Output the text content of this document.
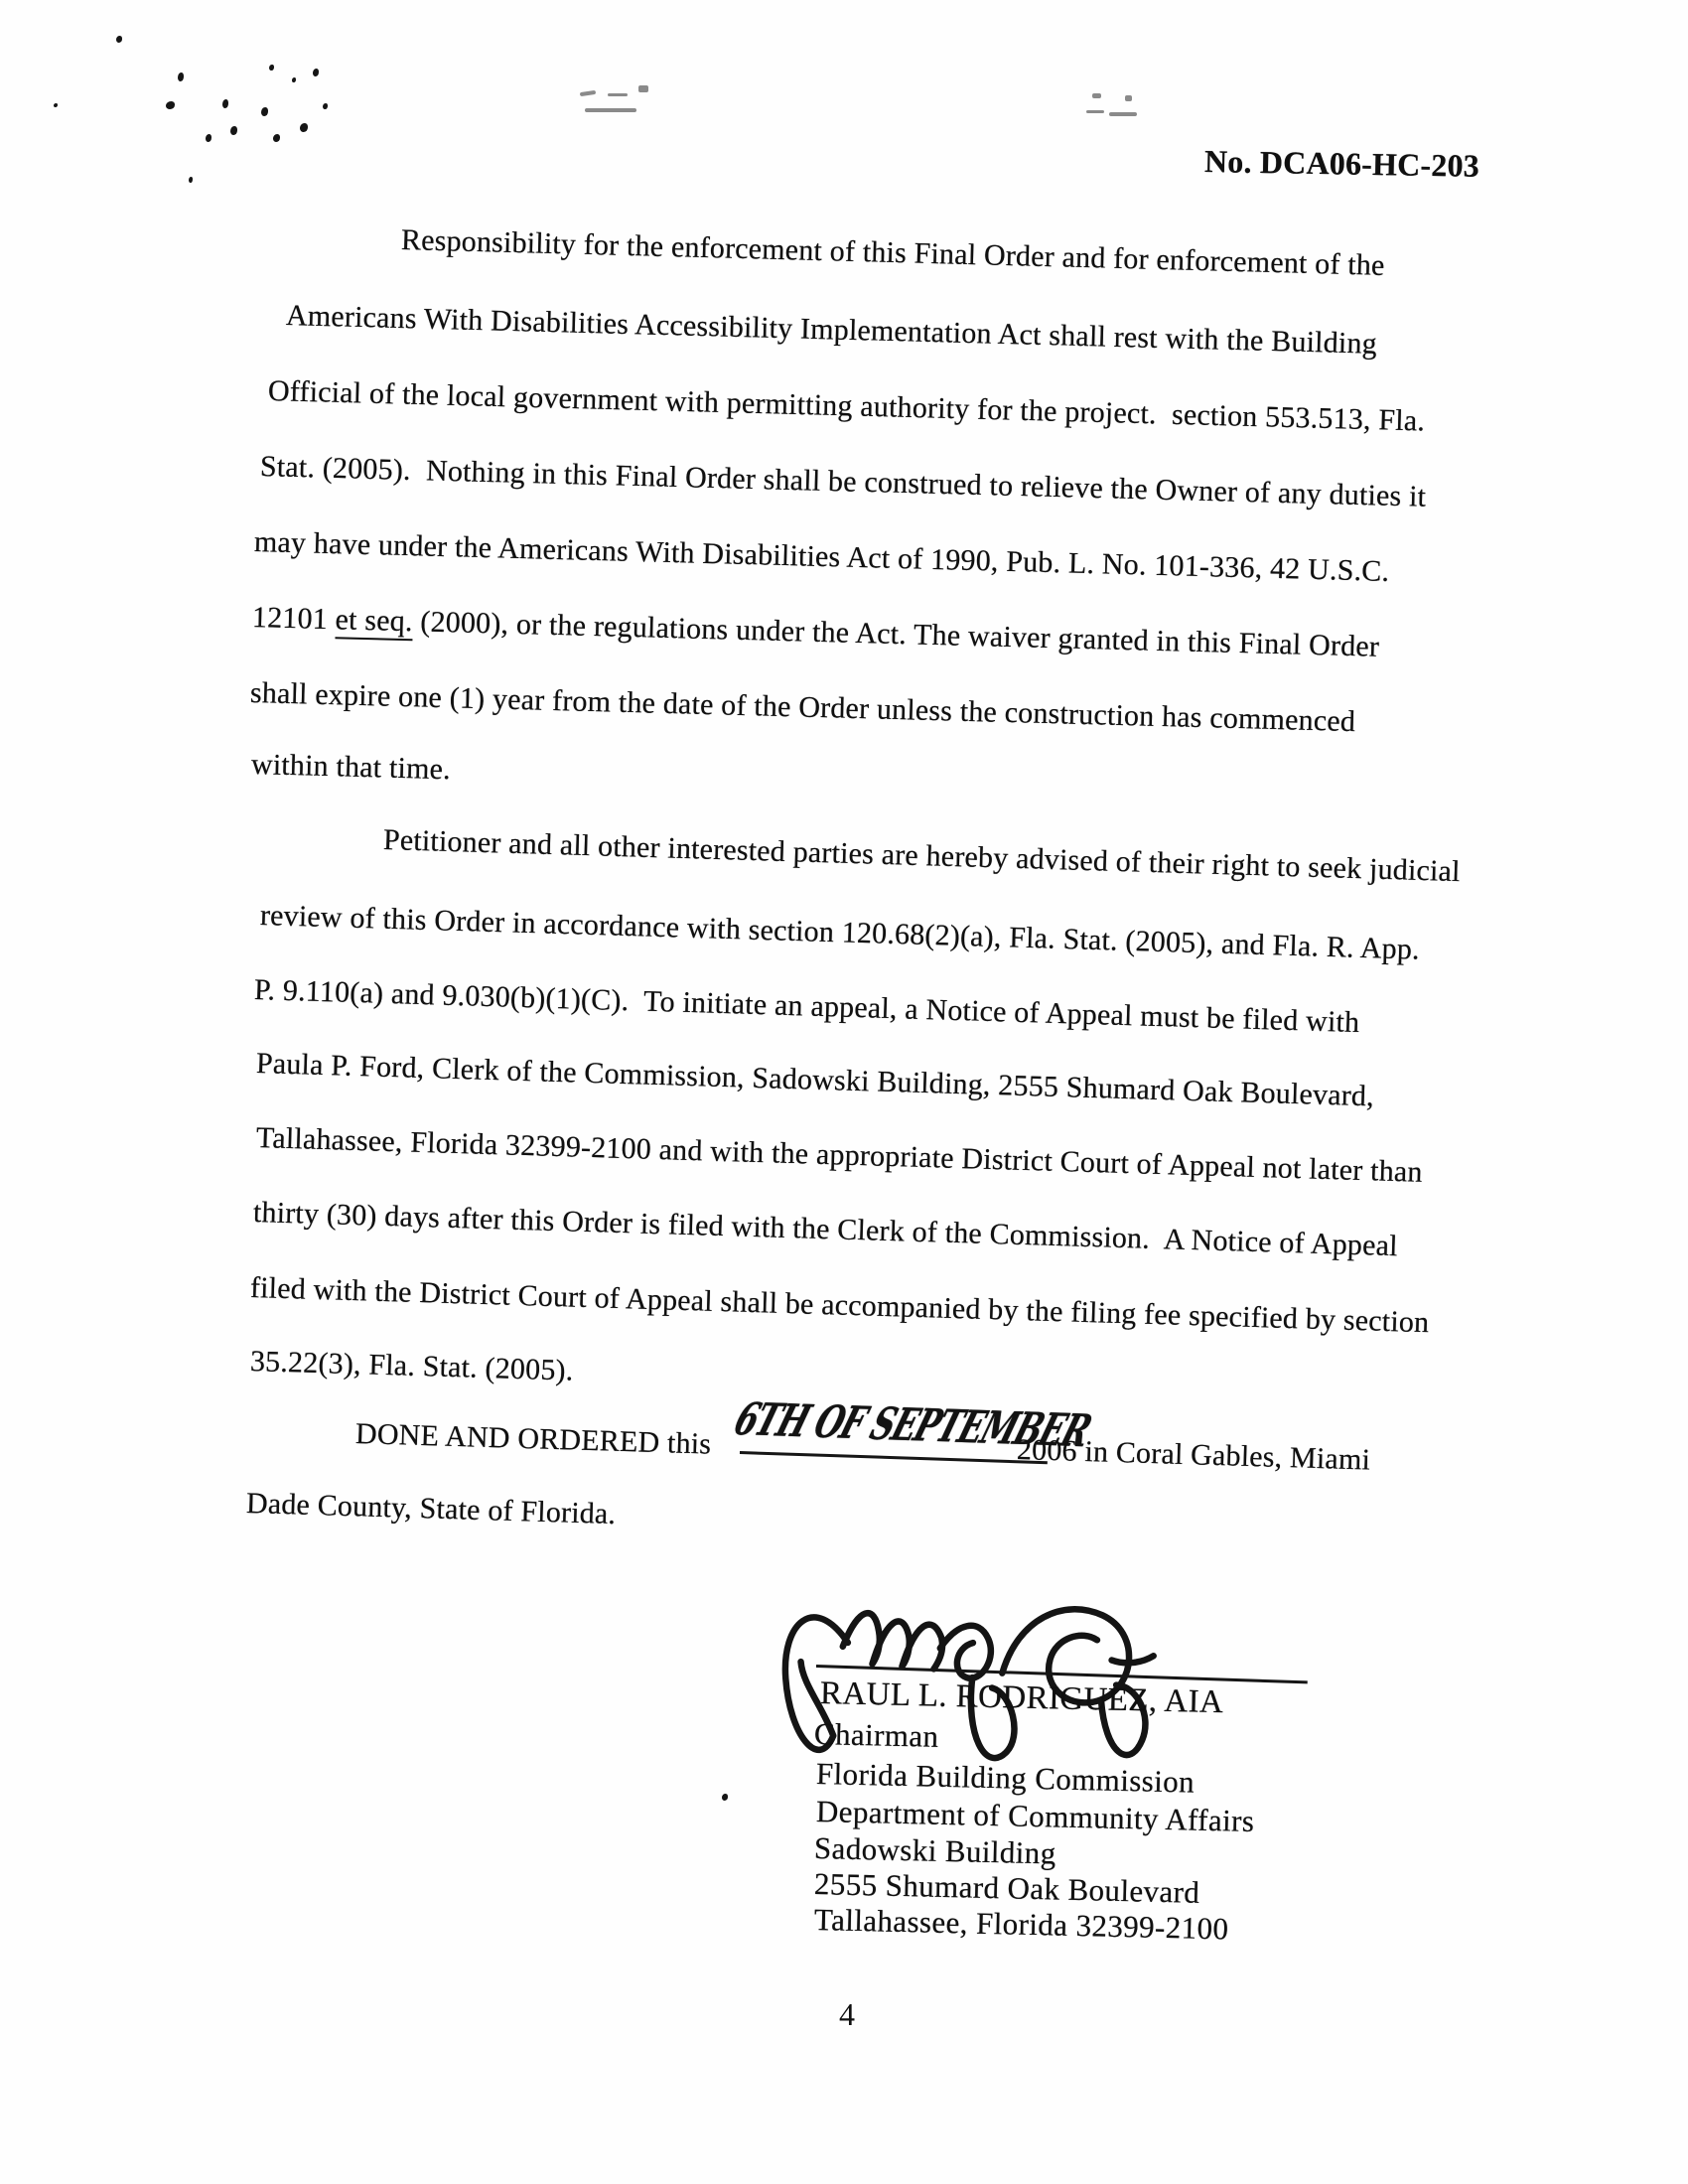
No. DCA06-HC-203
Responsibility for the enforcement of this Final Order and for enforcement of the
Americans With Disabilities Accessibility Implementation Act shall rest with the Building
Official of the local government with permitting authority for the project.  section 553.513, Fla.
Stat. (2005).  Nothing in this Final Order shall be construed to relieve the Owner of any duties it
may have under the Americans With Disabilities Act of 1990, Pub. L. No. 101-336, 42 U.S.C.
12101 et seq. (2000), or the regulations under the Act. The waiver granted in this Final Order
shall expire one (1) year from the date of the Order unless the construction has commenced
within that time.
Petitioner and all other interested parties are hereby advised of their right to seek judicial
review of this Order in accordance with section 120.68(2)(a), Fla. Stat. (2005), and Fla. R. App.
P. 9.110(a) and 9.030(b)(1)(C).  To initiate an appeal, a Notice of Appeal must be filed with
Paula P. Ford, Clerk of the Commission, Sadowski Building, 2555 Shumard Oak Boulevard,
Tallahassee, Florida 32399-2100 and with the appropriate District Court of Appeal not later than
thirty (30) days after this Order is filed with the Clerk of the Commission.  A Notice of Appeal
filed with the District Court of Appeal shall be accompanied by the filing fee specified by section
35.22(3), Fla. Stat. (2005).
DONE AND ORDERED this 6TH OF SEPTEMBER
2006 in Coral Gables, Miami
Dade County, State of Florida.
RAUL L. RODRIGUEZ, AIA
Chairman
Florida Building Commission
Department of Community Affairs
Sadowski Building
2555 Shumard Oak Boulevard
Tallahassee, Florida 32399-2100
4
